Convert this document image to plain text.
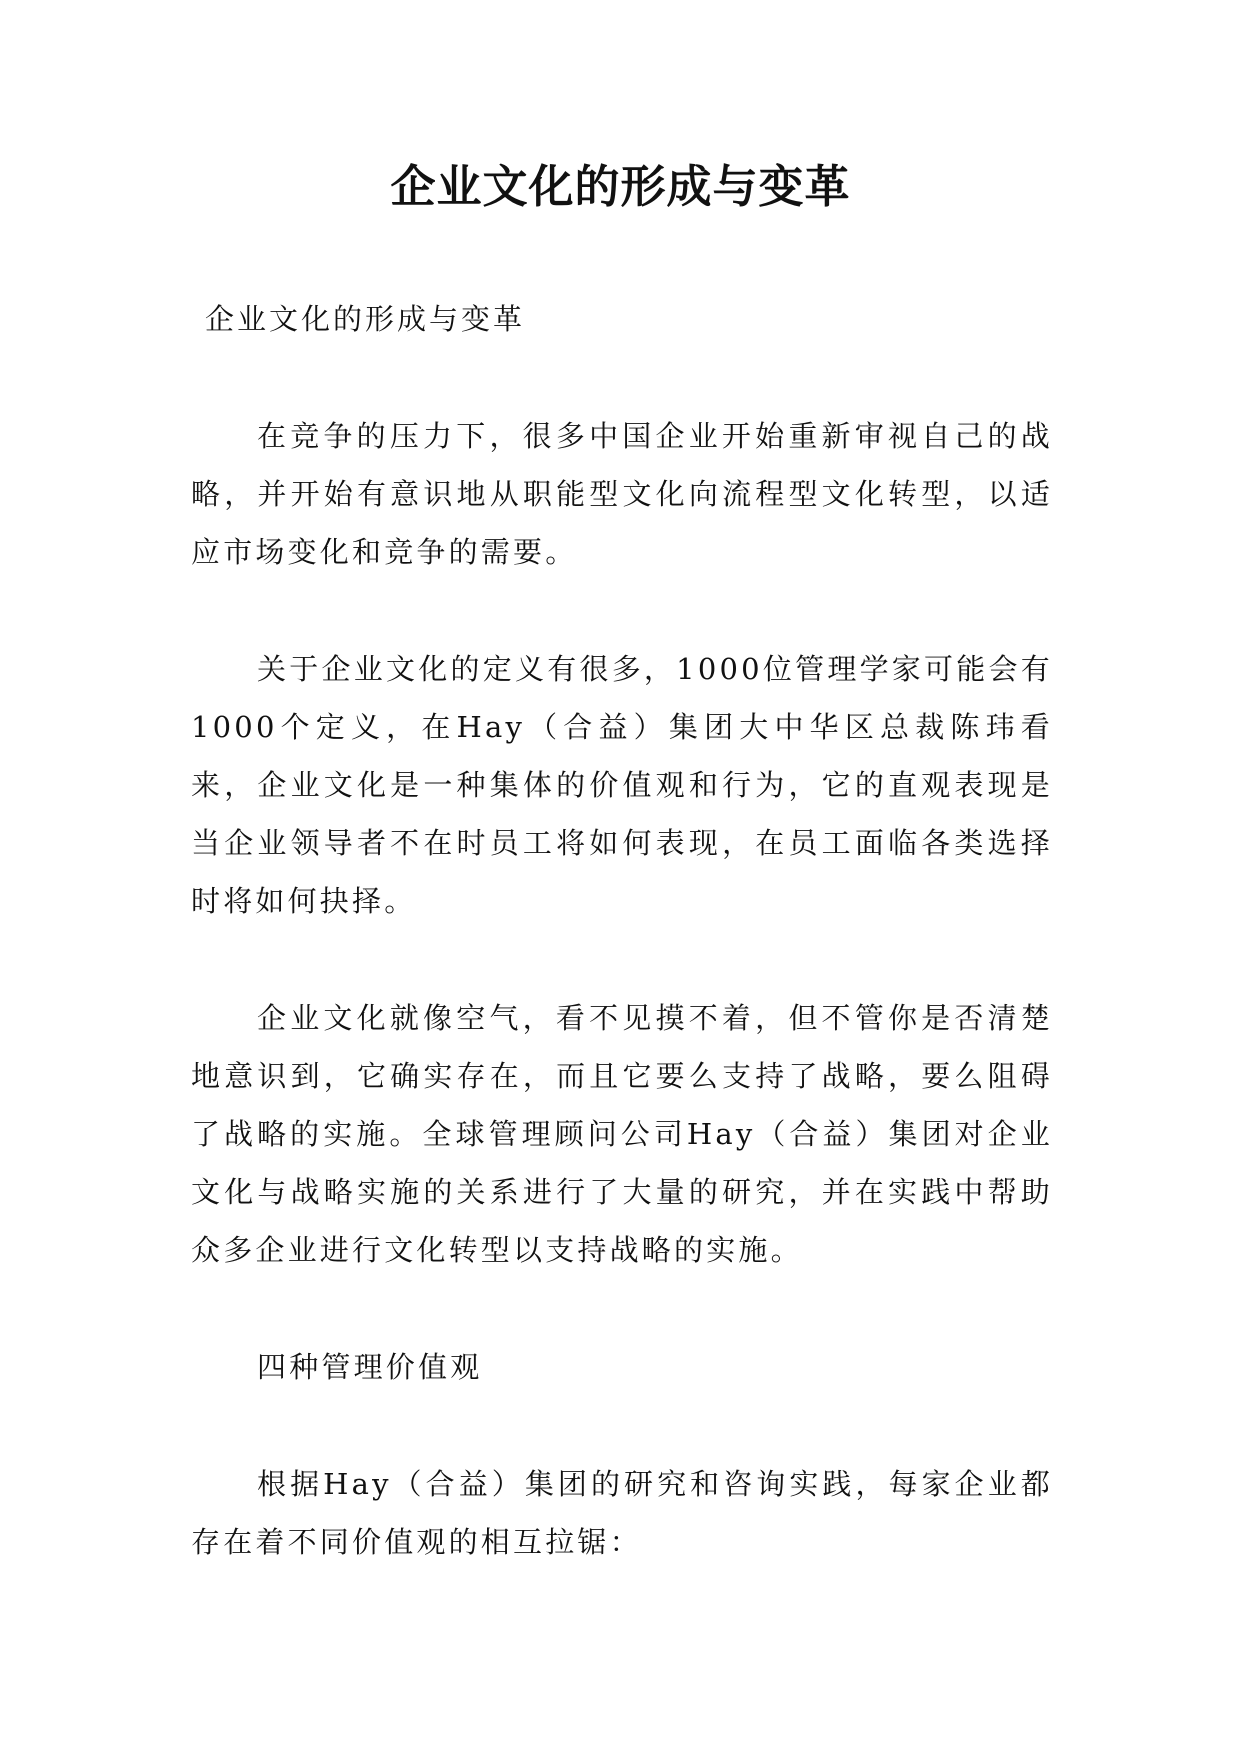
企业文化的形成与变革

企业文化的形成与变革

在竞争的压力下，很多中国企业开始重新审视自己的战略，并开始有意识地从职能型文化向流程型文化转型，以适应市场变化和竞争的需要。

关于企业文化的定义有很多，1000位管理学家可能会有1000个定义，在Hay（合益）集团大中华区总裁陈玮看来，企业文化是一种集体的价值观和行为，它的直观表现是当企业领导者不在时员工将如何表现，在员工面临各类选择时将如何抉择。

企业文化就像空气，看不见摸不着，但不管你是否清楚地意识到，它确实存在，而且它要么支持了战略，要么阻碍了战略的实施。全球管理顾问公司Hay（合益）集团对企业文化与战略实施的关系进行了大量的研究，并在实践中帮助众多企业进行文化转型以支持战略的实施。

四种管理价值观

根据Hay（合益）集团的研究和咨询实践，每家企业都存在着不同价值观的相互拉锯：
